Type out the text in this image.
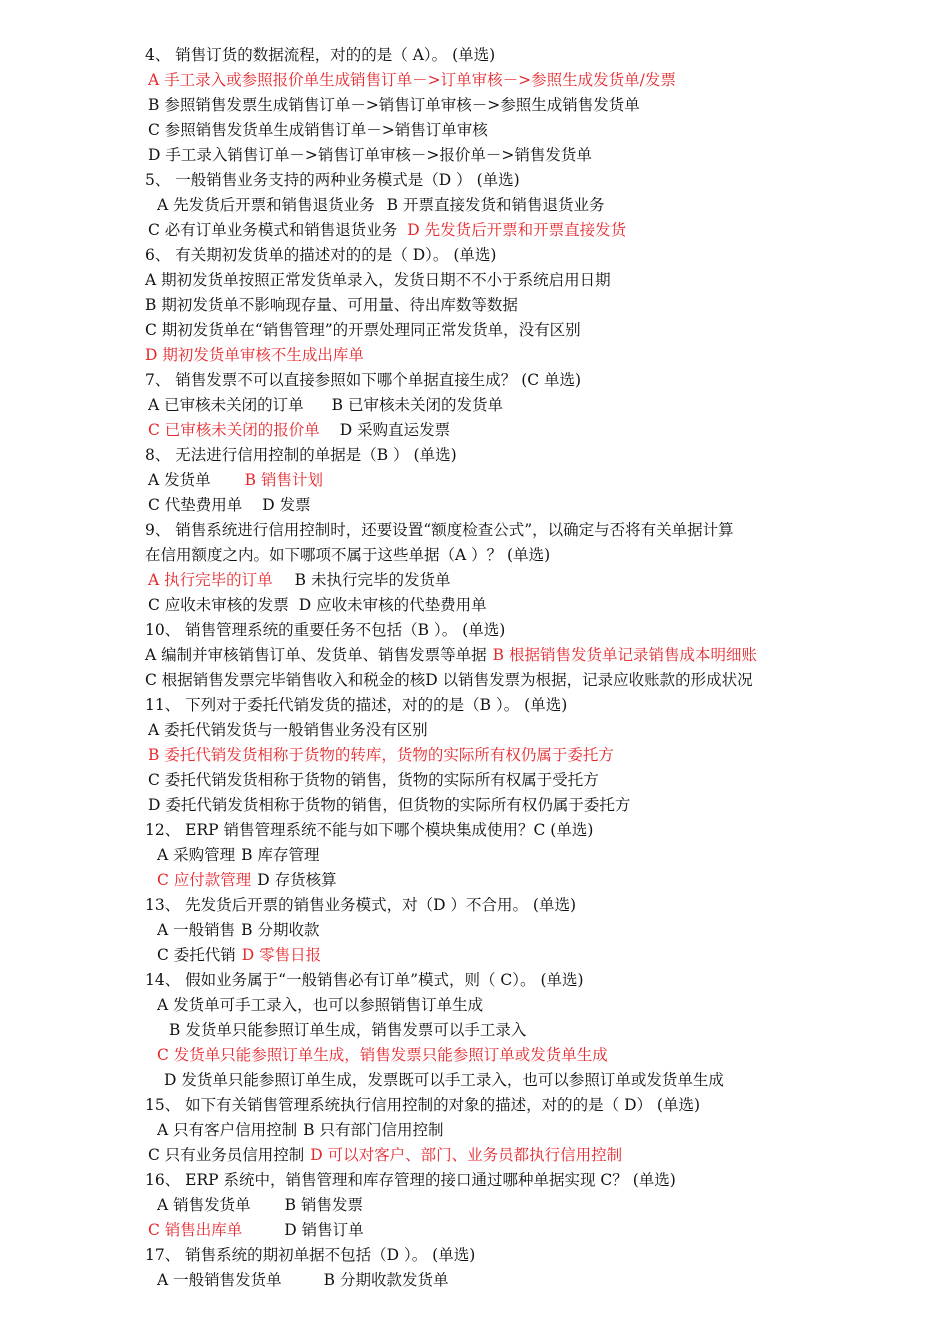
4、 销售订货的数据流程，对的的是（ A）。 (单选)
A 手工录入或参照报价单生成销售订单－>订单审核－>参照生成发货单/发票
B 参照销售发票生成销售订单－>销售订单审核－>参照生成销售发货单
C 参照销售发货单生成销售订单－>销售订单审核
D 手工录入销售订单－>销售订单审核－>报价单－>销售发货单
5、 一般销售业务支持的两种业务模式是（D ） (单选)
A 先发货后开票和销售退货业务 B 开票直接发货和销售退货业务
C 必有订单业务模式和销售退货业务 D 先发货后开票和开票直接发货
6、 有关期初发货单的描述对的的是（ D）。 (单选)
A 期初发货单按照正常发货单录入，发货日期不不小于系统启用日期
B 期初发货单不影响现存量、可用量、待出库数等数据
C 期初发货单在“销售管理”的开票处理同正常发货单，没有区别
D 期初发货单审核不生成出库单
7、 销售发票不可以直接参照如下哪个单据直接生成？ (C 单选)
A 已审核未关闭的订单 B 已审核未关闭的发货单
C 已审核未关闭的报价单 D 采购直运发票
8、 无法进行信用控制的单据是（B ） (单选)
A 发货单 B 销售计划
C 代垫费用单 D 发票
9、 销售系统进行信用控制时，还要设置“额度检查公式”，以确定与否将有关单据计算
在信用额度之内。如下哪项不属于这些单据（A ）？ (单选)
A 执行完毕的订单 B 未执行完毕的发货单
C 应收未审核的发票 D 应收未审核的代垫费用单
10、 销售管理系统的重要任务不包括（B ）。 (单选)
A 编制并审核销售订单、发货单、销售发票等单据 B 根据销售发货单记录销售成本明细账
C 根据销售发票完毕销售收入和税金的核D 以销售发票为根据，记录应收账款的形成状况
11、 下列对于委托代销发货的描述，对的的是（B ）。 (单选)
A 委托代销发货与一般销售业务没有区别
B 委托代销发货相称于货物的转库，货物的实际所有权仍属于委托方
C 委托代销发货相称于货物的销售，货物的实际所有权属于受托方
D 委托代销发货相称于货物的销售，但货物的实际所有权仍属于委托方
12、 ERP 销售管理系统不能与如下哪个模块集成使用？C (单选)
A 采购管理 B 库存管理
C 应付款管理 D 存货核算
13、 先发货后开票的销售业务模式，对（D ）不合用。 (单选)
A 一般销售 B 分期收款
C 委托代销 D 零售日报
14、 假如业务属于“一般销售必有订单”模式，则（ C）。 (单选)
A 发货单可手工录入，也可以参照销售订单生成
B 发货单只能参照订单生成，销售发票可以手工录入
C 发货单只能参照订单生成，销售发票只能参照订单或发货单生成
D 发货单只能参照订单生成，发票既可以手工录入，也可以参照订单或发货单生成
15、 如下有关销售管理系统执行信用控制的对象的描述，对的的是（ D） (单选)
A 只有客户信用控制 B 只有部门信用控制
C 只有业务员信用控制 D 可以对客户、部门、业务员都执行信用控制
16、 ERP 系统中，销售管理和库存管理的接口通过哪种单据实现 C？ (单选)
A 销售发货单 B 销售发票
C 销售出库单	D 销售订单
17、 销售系统的期初单据不包括（D ）。 (单选)
A 一般销售发货单	B 分期收款发货单
